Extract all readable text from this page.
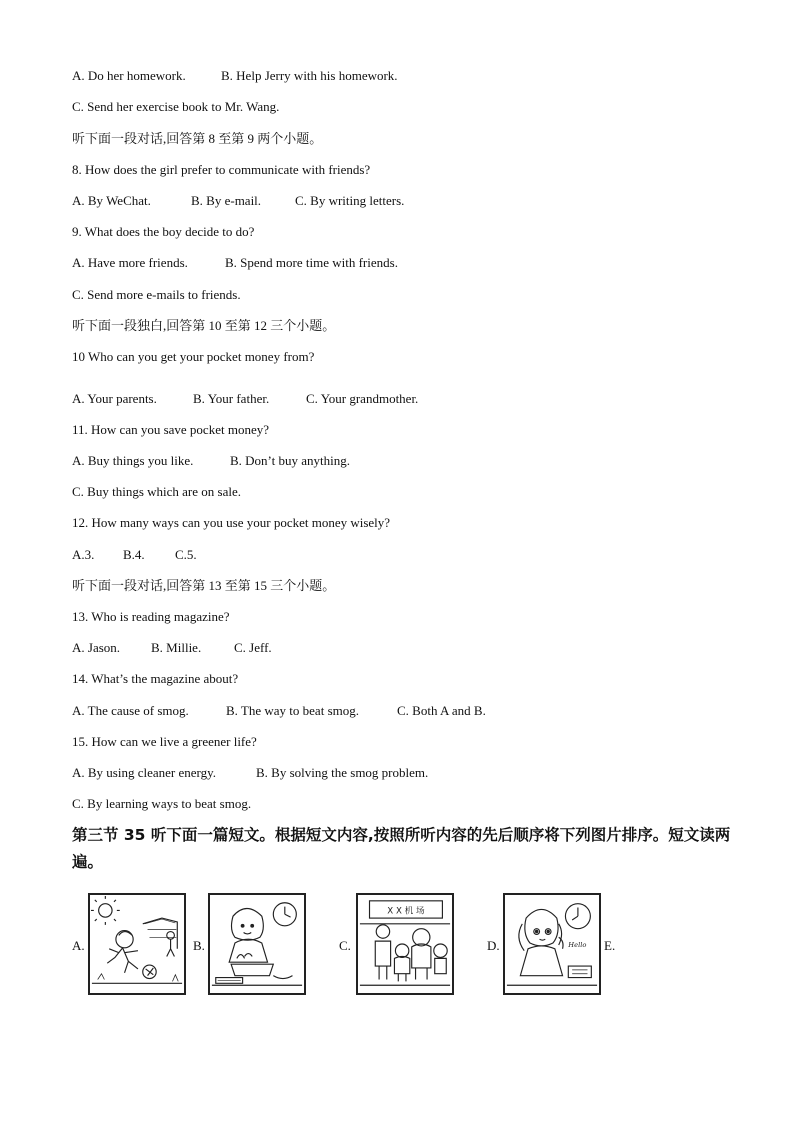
A. Do her homework.	B. Help Jerry with his homework.
C. Send her exercise book to Mr. Wang.
听下面一段对话,回答第 8 至第 9 两个小题。
8. How does the girl prefer to communicate with friends?
A. By WeChat.	B. By e-mail.	C. By writing letters.
9. What does the boy decide to do?
A. Have more friends.	B. Spend more time with friends.
C. Send more e-mails to friends.
听下面一段独白,回答第 10 至第 12 三个小题。
10 Who can you get your pocket money from?
A. Your parents.	B. Your father.	C. Your grandmother.
11. How can you save pocket money?
A. Buy things you like.	B. Don’t buy anything.
C. Buy things which are on sale.
12. How many ways can you use your pocket money wisely?
A.3. B.4. C.5.
听下面一段对话,回答第 13 至第 15 三个小题。
13. Who is reading magazine?
A. Jason. B. Millie.	C. Jeff.
14. What’s the magazine about?
A. The cause of smog.	B. The way to beat smog.	C. Both A and B.
15. How can we live a greener life?
A. By using cleaner energy.	B. By solving the smog problem.
C. By learning ways to beat smog.
第三节 35 听下面一篇短文。根据短文内容,按照所听内容的先后顺序将下列图片排序。短文读两遍。
A.	B.	C.
X X 机 场
D.	Hello E.
